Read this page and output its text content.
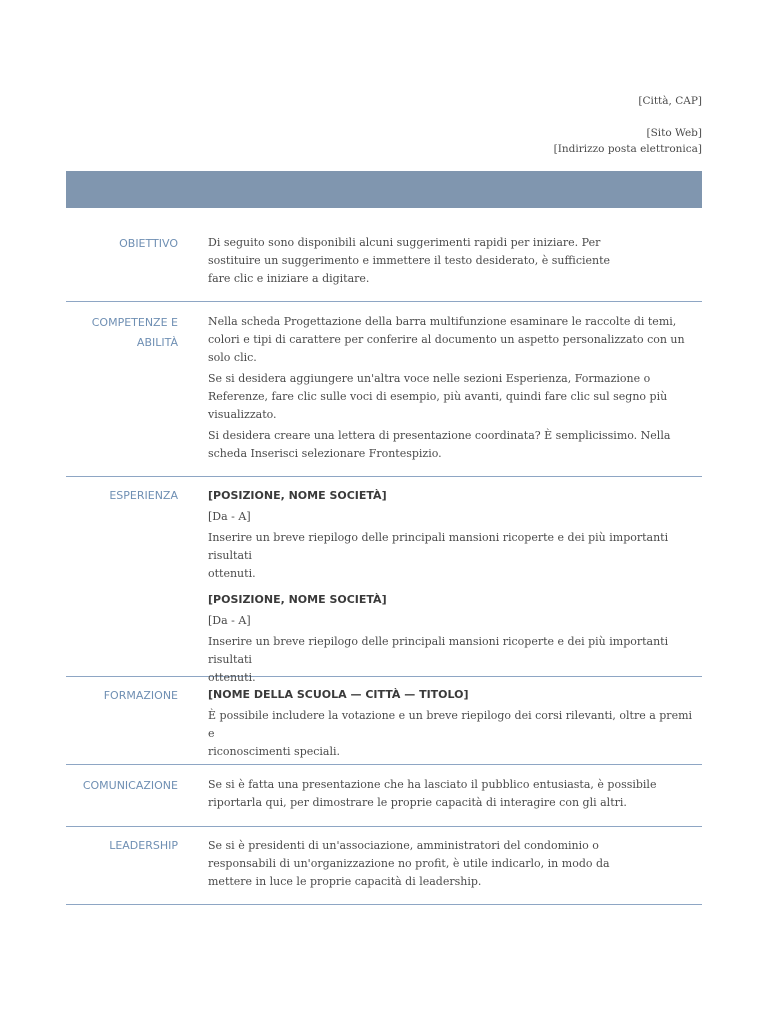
[Città, CAP]
[Sito Web]
[Indirizzo posta elettronica]
OBIETTIVO	Di seguito sono disponibili alcuni suggerimenti rapidi per iniziare. Per
sostituire un suggerimento e immettere il testo desiderato, è sufficiente
fare clic e iniziare a digitare.

COMPETENZE E
ABILITÀ

Nella scheda Progettazione della barra multifunzione esaminare le raccolte di temi,
colori e tipi di carattere per conferire al documento un aspetto personalizzato con un
solo clic.

Se si desidera aggiungere un'altra voce nelle sezioni Esperienza, Formazione o
Referenze, fare clic sulle voci di esempio, più avanti, quindi fare clic sul segno più
visualizzato.

Si desidera creare una lettera di presentazione coordinata? È semplicissimo. Nella
scheda Inserisci selezionare Frontespizio.

ESPERIENZA	[POSIZIONE, NOME SOCIETÀ]

[Da - A]

Inserire un breve riepilogo delle principali mansioni ricoperte e dei più importanti risultati
ottenuti.

[POSIZIONE, NOME SOCIETÀ]

[Da - A]

Inserire un breve riepilogo delle principali mansioni ricoperte e dei più importanti risultati
ottenuti.

FORMAZIONE	[NOME DELLA SCUOLA — CITTÀ — TITOLO]

È possibile includere la votazione e un breve riepilogo dei corsi rilevanti, oltre a premi e
riconoscimenti speciali.

COMUNICAZIONE	Se si è fatta una presentazione che ha lasciato il pubblico entusiasta, è possibile
riportarla qui, per dimostrare le proprie capacità di interagire con gli altri.

LEADERSHIP	Se si è presidenti di un'associazione, amministratori del condominio o
responsabili di un'organizzazione no profit, è utile indicarlo, in modo da
mettere in luce le proprie capacità di leadership.
